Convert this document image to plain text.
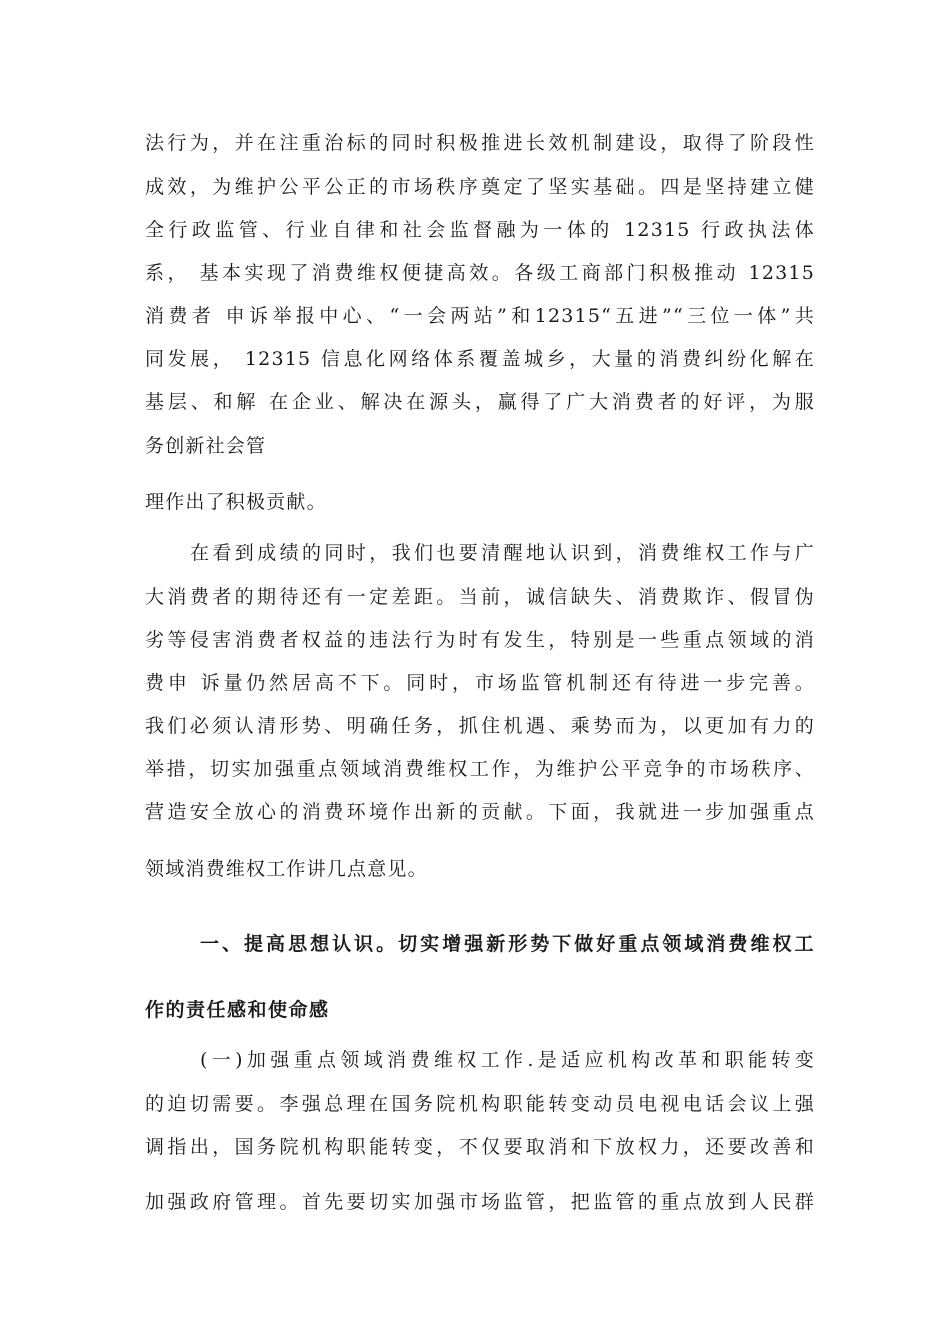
法行为，并在注重治标的同时积极推进长效机制建设，取得了阶段性

成效，为维护公平公正的市场秩序奠定了坚实基础。四是坚持建立健

全行政监管、行业自律和社会监督融为一体的 12315 行政执法体

系， 基本实现了消费维权便捷高效。各级工商部门积极推动 12315

消费者 申诉举报中心、“一会两站”和12315“五进”“三位一体”共

同发展， 12315 信息化网络体系覆盖城乡，大量的消费纠纷化解在

基层、和解 在企业、解决在源头，赢得了广大消费者的好评，为服

务创新社会管

理作出了积极贡献。

在看到成绩的同时，我们也要清醒地认识到，消费维权工作与广

大消费者的期待还有一定差距。当前，诚信缺失、消费欺诈、假冒伪

劣等侵害消费者权益的违法行为时有发生，特别是一些重点领域的消

费申 诉量仍然居高不下。同时，市场监管机制还有待进一步完善。

我们必须认清形势、明确任务，抓住机遇、乘势而为，以更加有力的

举措，切实加强重点领域消费维权工作，为维护公平竞争的市场秩序、

营造安全放心的消费环境作出新的贡献。下面，我就进一步加强重点

领域消费维权工作讲几点意见。

一、提高思想认识。切实增强新形势下做好重点领域消费维权工

作的责任感和使命感

(一)加强重点领域消费维权工作.是适应机构改革和职能转变

的迫切需要。李强总理在国务院机构职能转变动员电视电话会议上强

调指出，国务院机构职能转变，不仅要取消和下放权力，还要改善和

加强政府管理。首先要切实加强市场监管，把监管的重点放到人民群
